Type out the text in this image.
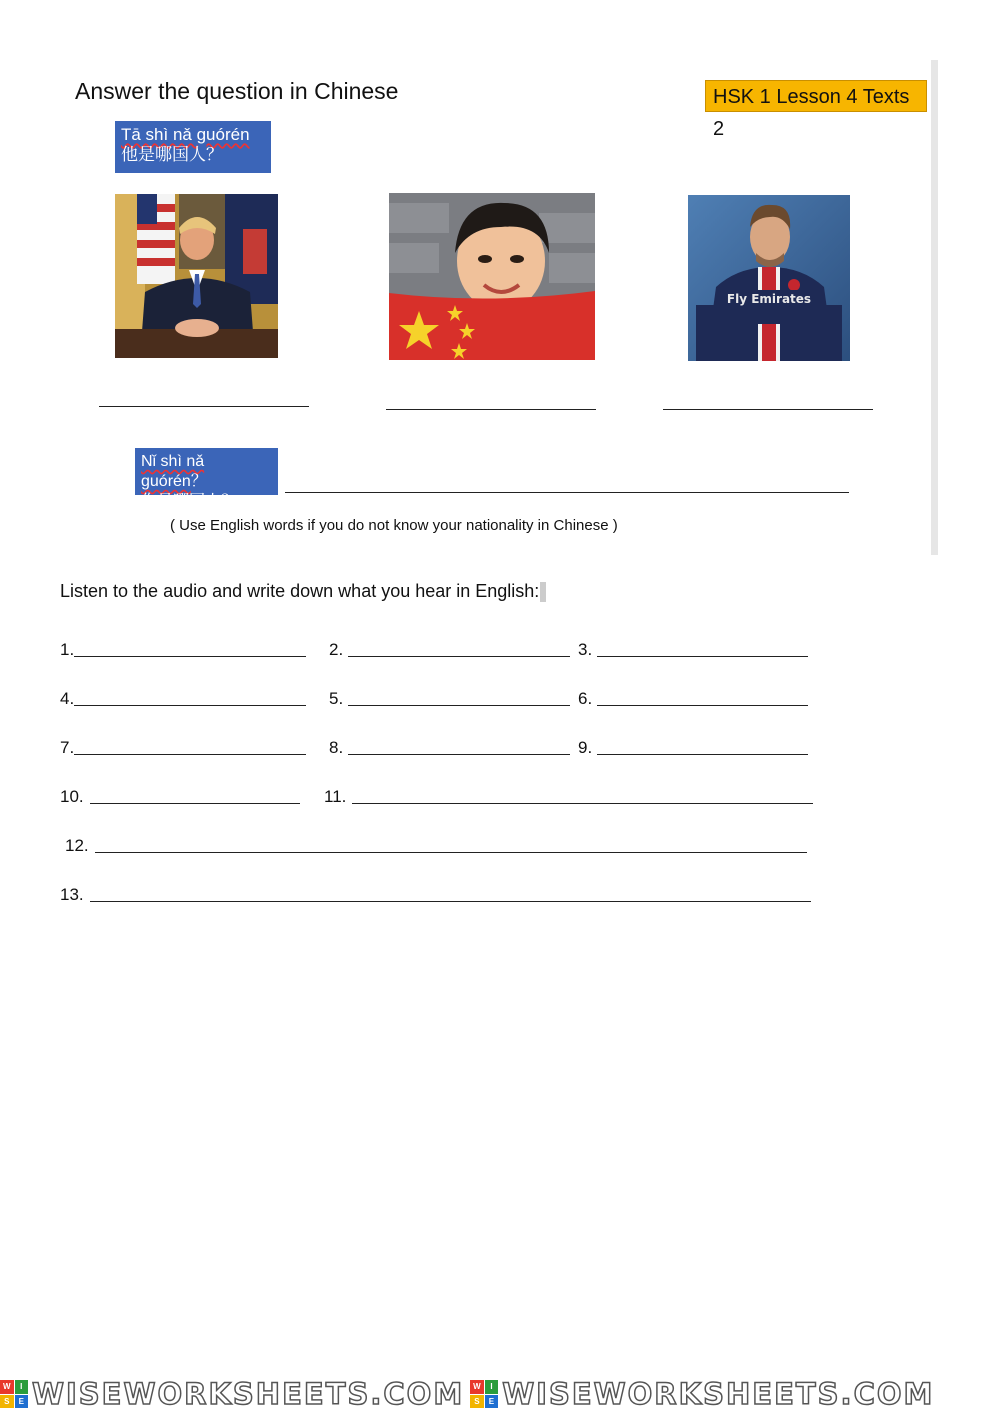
Answer the question in Chinese	HSK 1 Lesson 4 Texts 2
Tā shì nǎ guórén
他是哪国人？
Fly Emirates
Nǐ shì nǎ guórén？
你是哪国人？
( Use English words if you do not know your nationality in Chinese )
Listen to the audio and write down what you hear in English:
1.	2.	3.
4.	5.	6.
7.	8.	9.
10.	11.
12.
13.
W	I
S	E WISEWORKSHEETS.COM	W	I
S	E WISEWORKSHEETS.COM
